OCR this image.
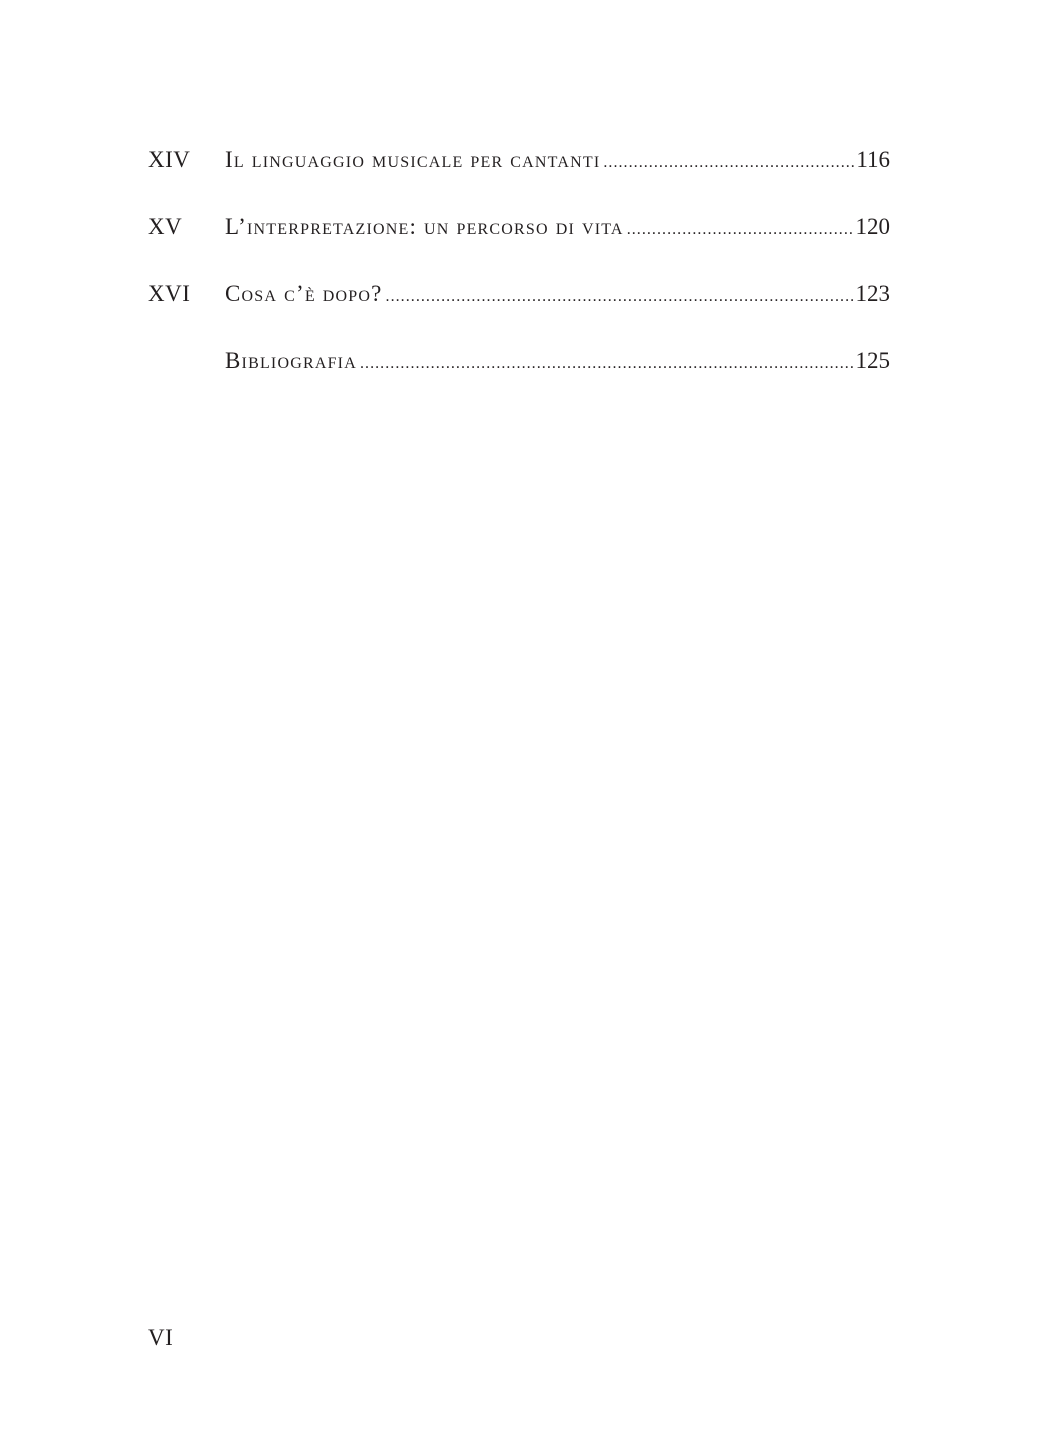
XIV	Il linguaggio musicale per cantanti .....	116
XV	L’interpretazione: un percorso di vita .....	120
XVI	Cosa c’è dopo? .....	123
Bibliografia .....	125
VI
